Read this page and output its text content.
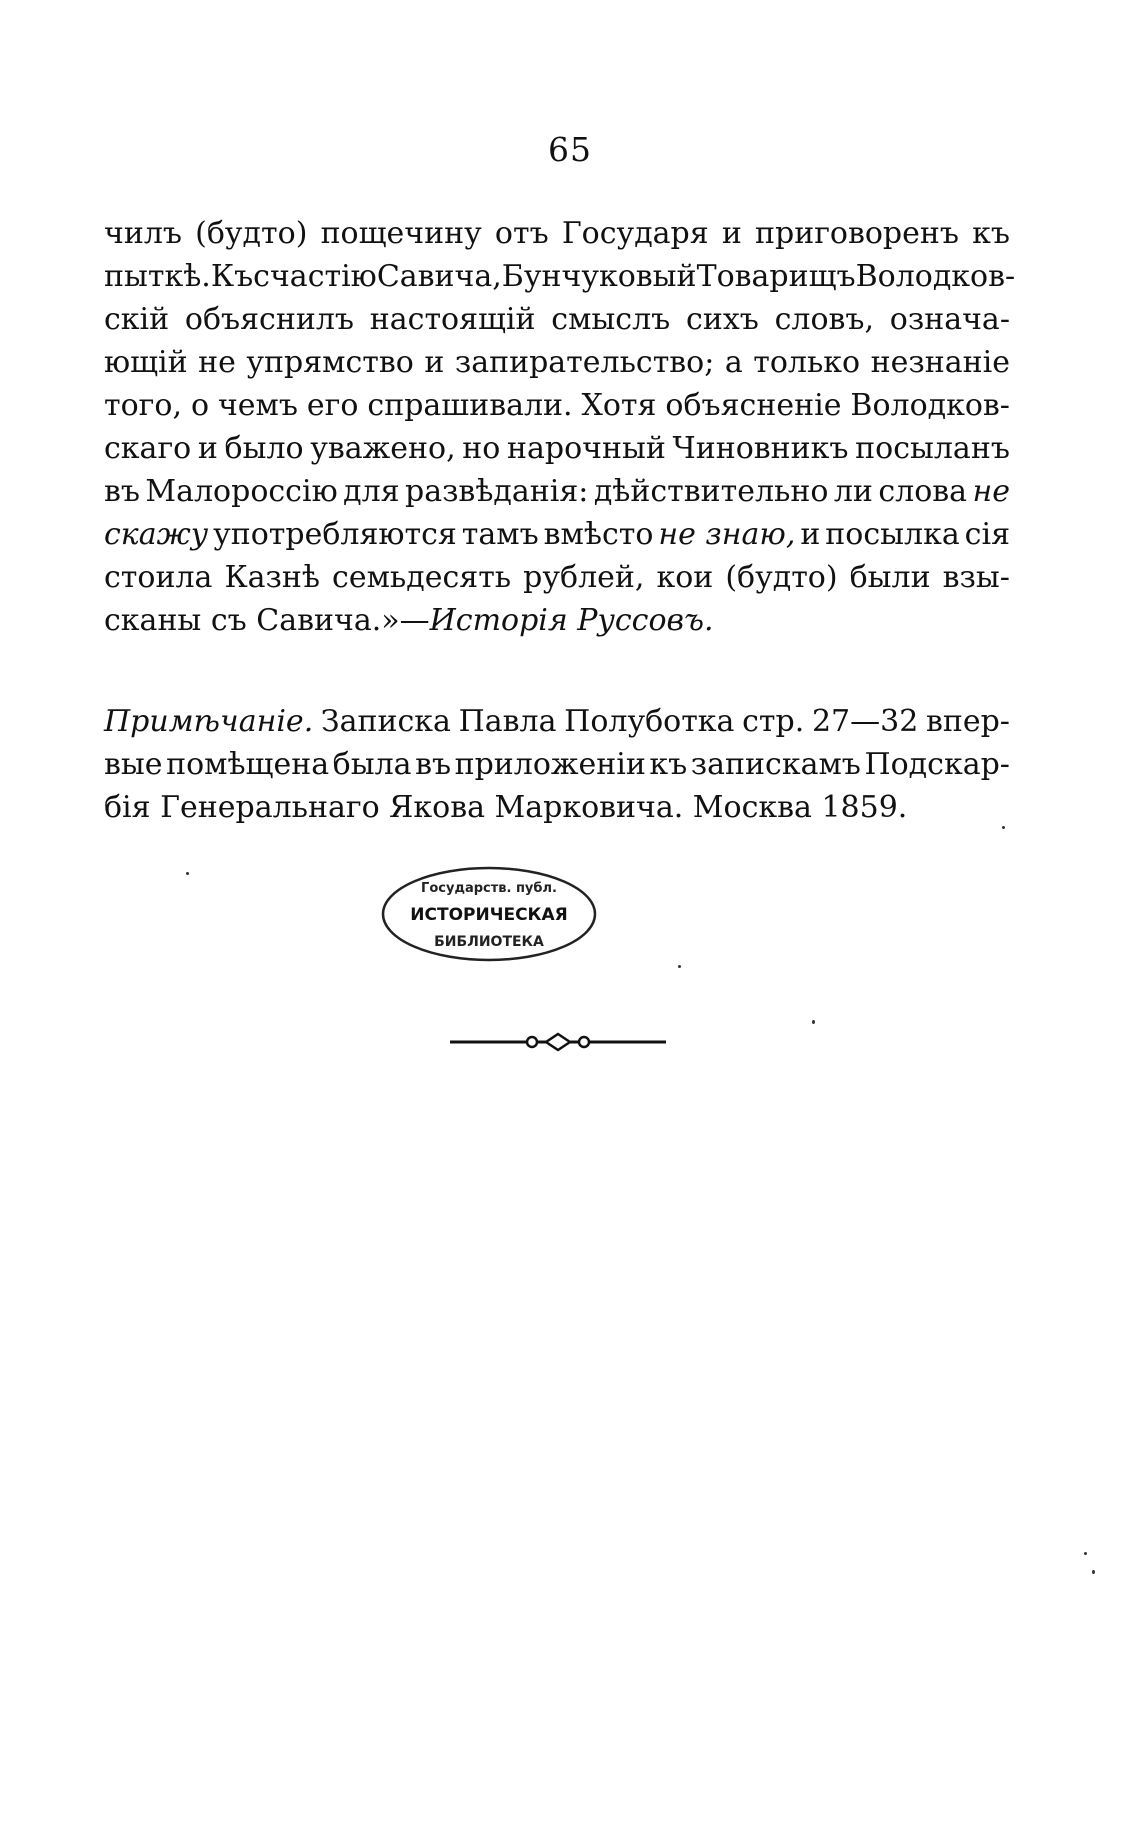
65
чилъ (будто) пощечину отъ Государя и приговоренъ къ
пыткѣ. Къ счастію Савича, Бунчуковый Товарищъ Володков-
скій объяснилъ настоящій смыслъ сихъ словъ, означа-
ющій не упрямство и запирательство; а только незнаніе
того, о чемъ его спрашивали. Хотя объясненіе Володков-
скаго и было уважено, но нарочный Чиновникъ посыланъ
въ Малороссію для развѣданія: дѣйствительно ли слова не
скажу употребляются тамъ вмѣсто не знаю, и посылка сія
стоила Казнѣ семьдесять рублей, кои (будто) были взы-
сканы съ Савича.»— Исторія Руссовъ.
Примѣчаніе. Записка Павла Полуботка стр. 27—32 впер-
вые помѣщена была въ приложеніи къ запискамъ Подскар-
бія Генеральнаго Якова Марковича. Москва 1859.
Государств. публ.
ИСТОРИЧЕСКАЯ
БИБЛИОТЕКА
